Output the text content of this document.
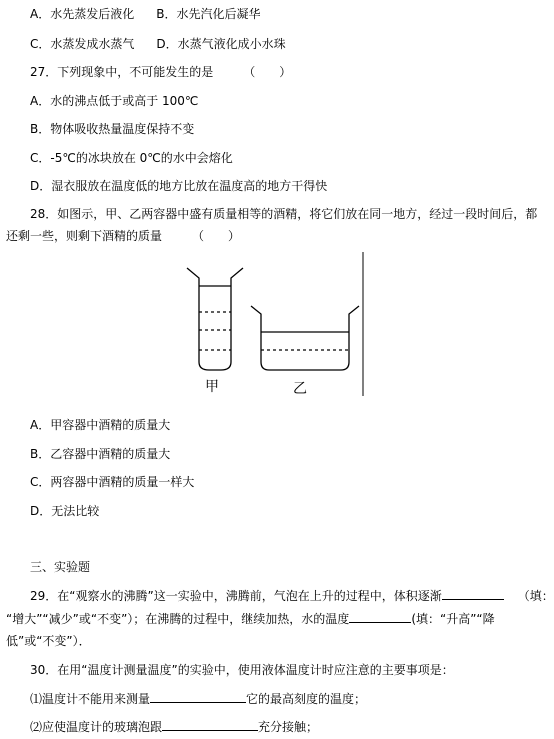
A．水先蒸发后液化 B．水先汽化后凝华
C．水蒸发成水蒸气 D．水蒸气液化成小水珠
27．下列现象中，不可能发生的是	（　　）
A．水的沸点低于或高于 100℃
B．物体吸收热量温度保持不变
C．-5℃的冰块放在 0℃的水中会熔化
D．湿衣服放在温度低的地方比放在温度高的地方干得快
28．如图示，甲、乙两容器中盛有质量相等的酒精，将它们放在同一地方，经过一段时间后，都
还剩一些，则剩下酒精的质量	（　　）
甲	乙
A．甲容器中酒精的质量大
B．乙容器中酒精的质量大
C．两容器中酒精的质量一样大
D．无法比较
三、实验题
29．在“观察水的沸腾”这一实验中，沸腾前，气泡在上升的过程中，体积逐渐	（填：
“增大”“减少”或“不变”）；在沸腾的过程中，继续加热，水的温度	(填：“升高”“降
低”或“不变”）．
30．在用“温度计测量温度”的实验中，使用液体温度计时应注意的主要事项是：
⑴温度计不能用来测量	它的最高刻度的温度；
⑵应使温度计的玻璃泡跟	充分接触；
